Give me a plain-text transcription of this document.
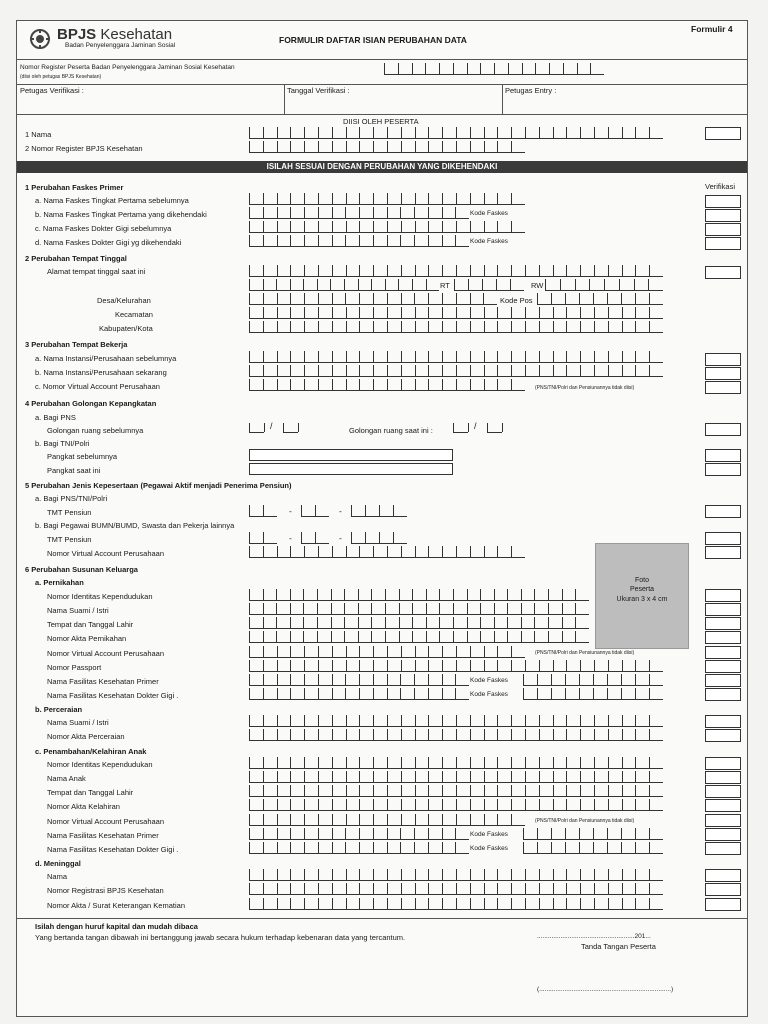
BPJS Kesehatan
Badan Penyelenggara Jaminan Sosial
FORMULIR DAFTAR ISIAN PERUBAHAN DATA
Formulir 4
Nomor Register Peserta Badan Penyelenggara Jaminan Sosial Kesehatan
(diisi oleh petugas BPJS Kesehatan)
Petugas Verifikasi :	Tanggal Verifikasi :	Petugas Entry :
DIISI OLEH PESERTA
1 Nama
2 Nomor Register BPJS Kesehatan
ISILAH SESUAI DENGAN PERUBAHAN YANG DIKEHENDAKI
Verifikasi
1 Perubahan Faskes Primer
a. Nama Faskes Tingkat Pertama sebelumnya
b. Nama Faskes Tingkat Pertama yang dikehendaki	Kode Faskes
c. Nama Faskes Dokter Gigi sebelumnya
d. Nama Faskes Dokter Gigi yg dikehendaki	Kode Faskes
2 Perubahan Tempat Tinggal
Alamat tempat tinggal saat ini
RT	RW
Desa/Kelurahan	Kode Pos
Kecamatan
Kabupaten/Kota
3 Perubahan Tempat Bekerja
a. Nama Instansi/Perusahaan sebelumnya
b. Nama Instansi/Perusahaan sekarang
c. Nomor Virtual Account Perusahaan	(PNS/TNI/Polri dan Pensiunannya tidak diisi)
4 Perubahan Golongan Kepangkatan
a. Bagi PNS
Golongan ruang sebelumnya	/	Golongan ruang saat ini :	/
b. Bagi TNI/Polri
Pangkat sebelumnya
Pangkat saat ini
5 Perubahan Jenis Kepesertaan (Pegawai Aktif menjadi Penerima Pensiun)
a. Bagi PNS/TNI/Polri
TMT Pensiun	-	-
b. Bagi Pegawai BUMN/BUMD, Swasta dan Pekerja lainnya
TMT Pensiun	-	-
Nomor Virtual Account Perusahaan
Foto
Peserta
Ukuran 3 x 4 cm
6 Perubahan Susunan Keluarga
a. Pernikahan
Nomor Identitas Kependudukan
Nama Suami / Istri
Tempat dan Tanggal Lahir
Nomor Akta Pernikahan
Nomor Virtual Account Perusahaan	(PNS/TNI/Polri dan Pensiunannya tidak diisi)
Nomor Passport
Nama Fasilitas Kesehatan Primer	Kode Faskes
Nama Fasilitas Kesehatan Dokter Gigi .	Kode Faskes
b. Perceraian
Nama Suami / Istri
Nomor Akta Perceraian
c. Penambahan/Kelahiran Anak
Nomor Identitas Kependudukan
Nama Anak
Tempat dan Tanggal Lahir
Nomor Akta Kelahiran
Nomor Virtual Account Perusahaan	(PNS/TNI/Polri dan Pensiunannya tidak diisi)
Nama Fasilitas Kesehatan Primer	Kode Faskes
Nama Fasilitas Kesehatan Dokter Gigi .	Kode Faskes
d. Meninggal
Nama
Nomor Registrasi BPJS Kesehatan
Nomor Akta / Surat Keterangan Kematian
Isilah dengan huruf kapital dan mudah dibaca
Yang bertanda tangan dibawah ini bertanggung jawab secara hukum terhadap kebenaran data yang tercantum.	......................................................201...
Tanda Tangan Peserta
(.........................................................................)
